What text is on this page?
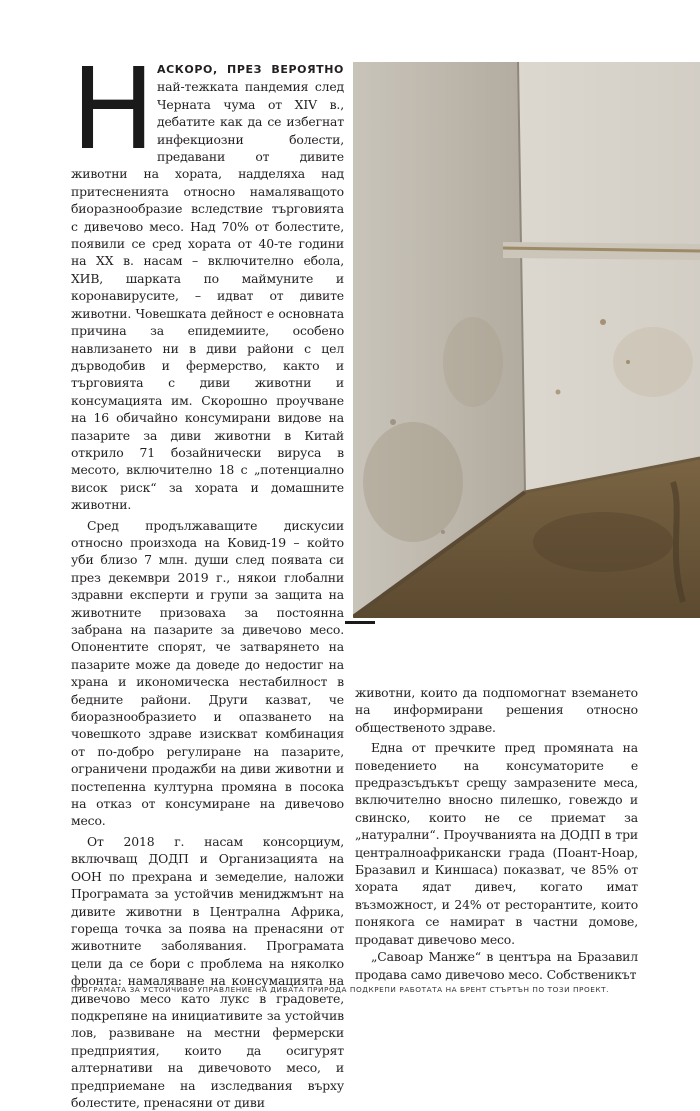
Н АСКОРО, ПРЕЗ ВЕРОЯТНО най-тежката пандемия след Черната чума от XIV в., дебатите как да се избегнат инфекциозни болести, предавани от дивите животни на хората, надделяха над притесненията относно намаляващото биоразнообразие вследствие търговията с дивечово месо. Над 70% от болестите, появили се сред хората от 40-те години на XX в. насам – включително ебола, ХИВ, шарката по маймуните и коронавирусите, – идват от дивите животни. Човешката дейност е основната причина за епидемиите, особено навлизането ни в диви райони с цел дърводобив и фермерство, както и търговията с диви животни и консумацията им. Скорошно проучване на 16 обичайно консумирани видове на пазарите за диви животни в Китай открило 71 бозайнически вируса в месото, включително 18 с „потенциално висок риск“ за хората и домашните животни.

Сред продължаващите дискусии относно произхода на Ковид-19 – който уби близо 7 млн. души след появата си през декември 2019 г., някои глобални здравни експерти и групи за защита на животните призоваха за постоянна забрана на пазарите за дивечово месо. Опонентите спорят, че затварянето на пазарите може да доведе до недостиг на храна и икономическа нестабилност в бедните райони. Други казват, че биоразнообразието и опазването на човешкото здраве изискват комбинация от по-добро регулиране на пазарите, ограничени продажби на диви животни и постепенна културна промяна в посока на отказ от консумиране на дивечово месо.

От 2018 г. насам консорциум, включващ ДОДП и Организацията на ООН по прехрана и земеделие, наложи Програмата за устойчив мениджмънт на дивите животни в Централна Африка, гореща точка за поява на пренасяни от животните заболявания. Програмата цели да се бори с проблема на няколко фронта: намаляване на консумацията на дивечово месо като лукс в градовете, подкрепяне на инициативите за устойчив лов, развиване на местни фермерски предприятия, които да осигурят алтернативи на дивечовото месо, и предприемане на изследвания върху болестите, пренасяни от диви

животни, които да подпомогнат вземането на информирани решения относно общественото здраве.

Една от пречките пред промяната на поведението на консуматорите е предразсъдъкът срещу замразените меса, включително вносно пилешко, говеждо и свинско, които не се приемат за „натурални“. Проучванията на ДОДП в три централноафрикански града (Поант-Ноар, Бразавил и Киншаса) показват, че 85% от хората ядат дивеч, когато имат възможност, и 24% от ресторантите, които понякога се намират в частни домове, продават дивечово месо.

„Савоар Манже“ в центъра на Бразавил продава само дивечово месо. Собственикът

ПРОГРАМАТА ЗА УСТОЙЧИВО УПРАВЛЕНИЕ НА ДИВАТА ПРИРОДА ПОДКРЕПИ РАБОТАТА НА БРЕНТ СТЪРТЪН ПО ТОЗИ ПРОЕКТ.
